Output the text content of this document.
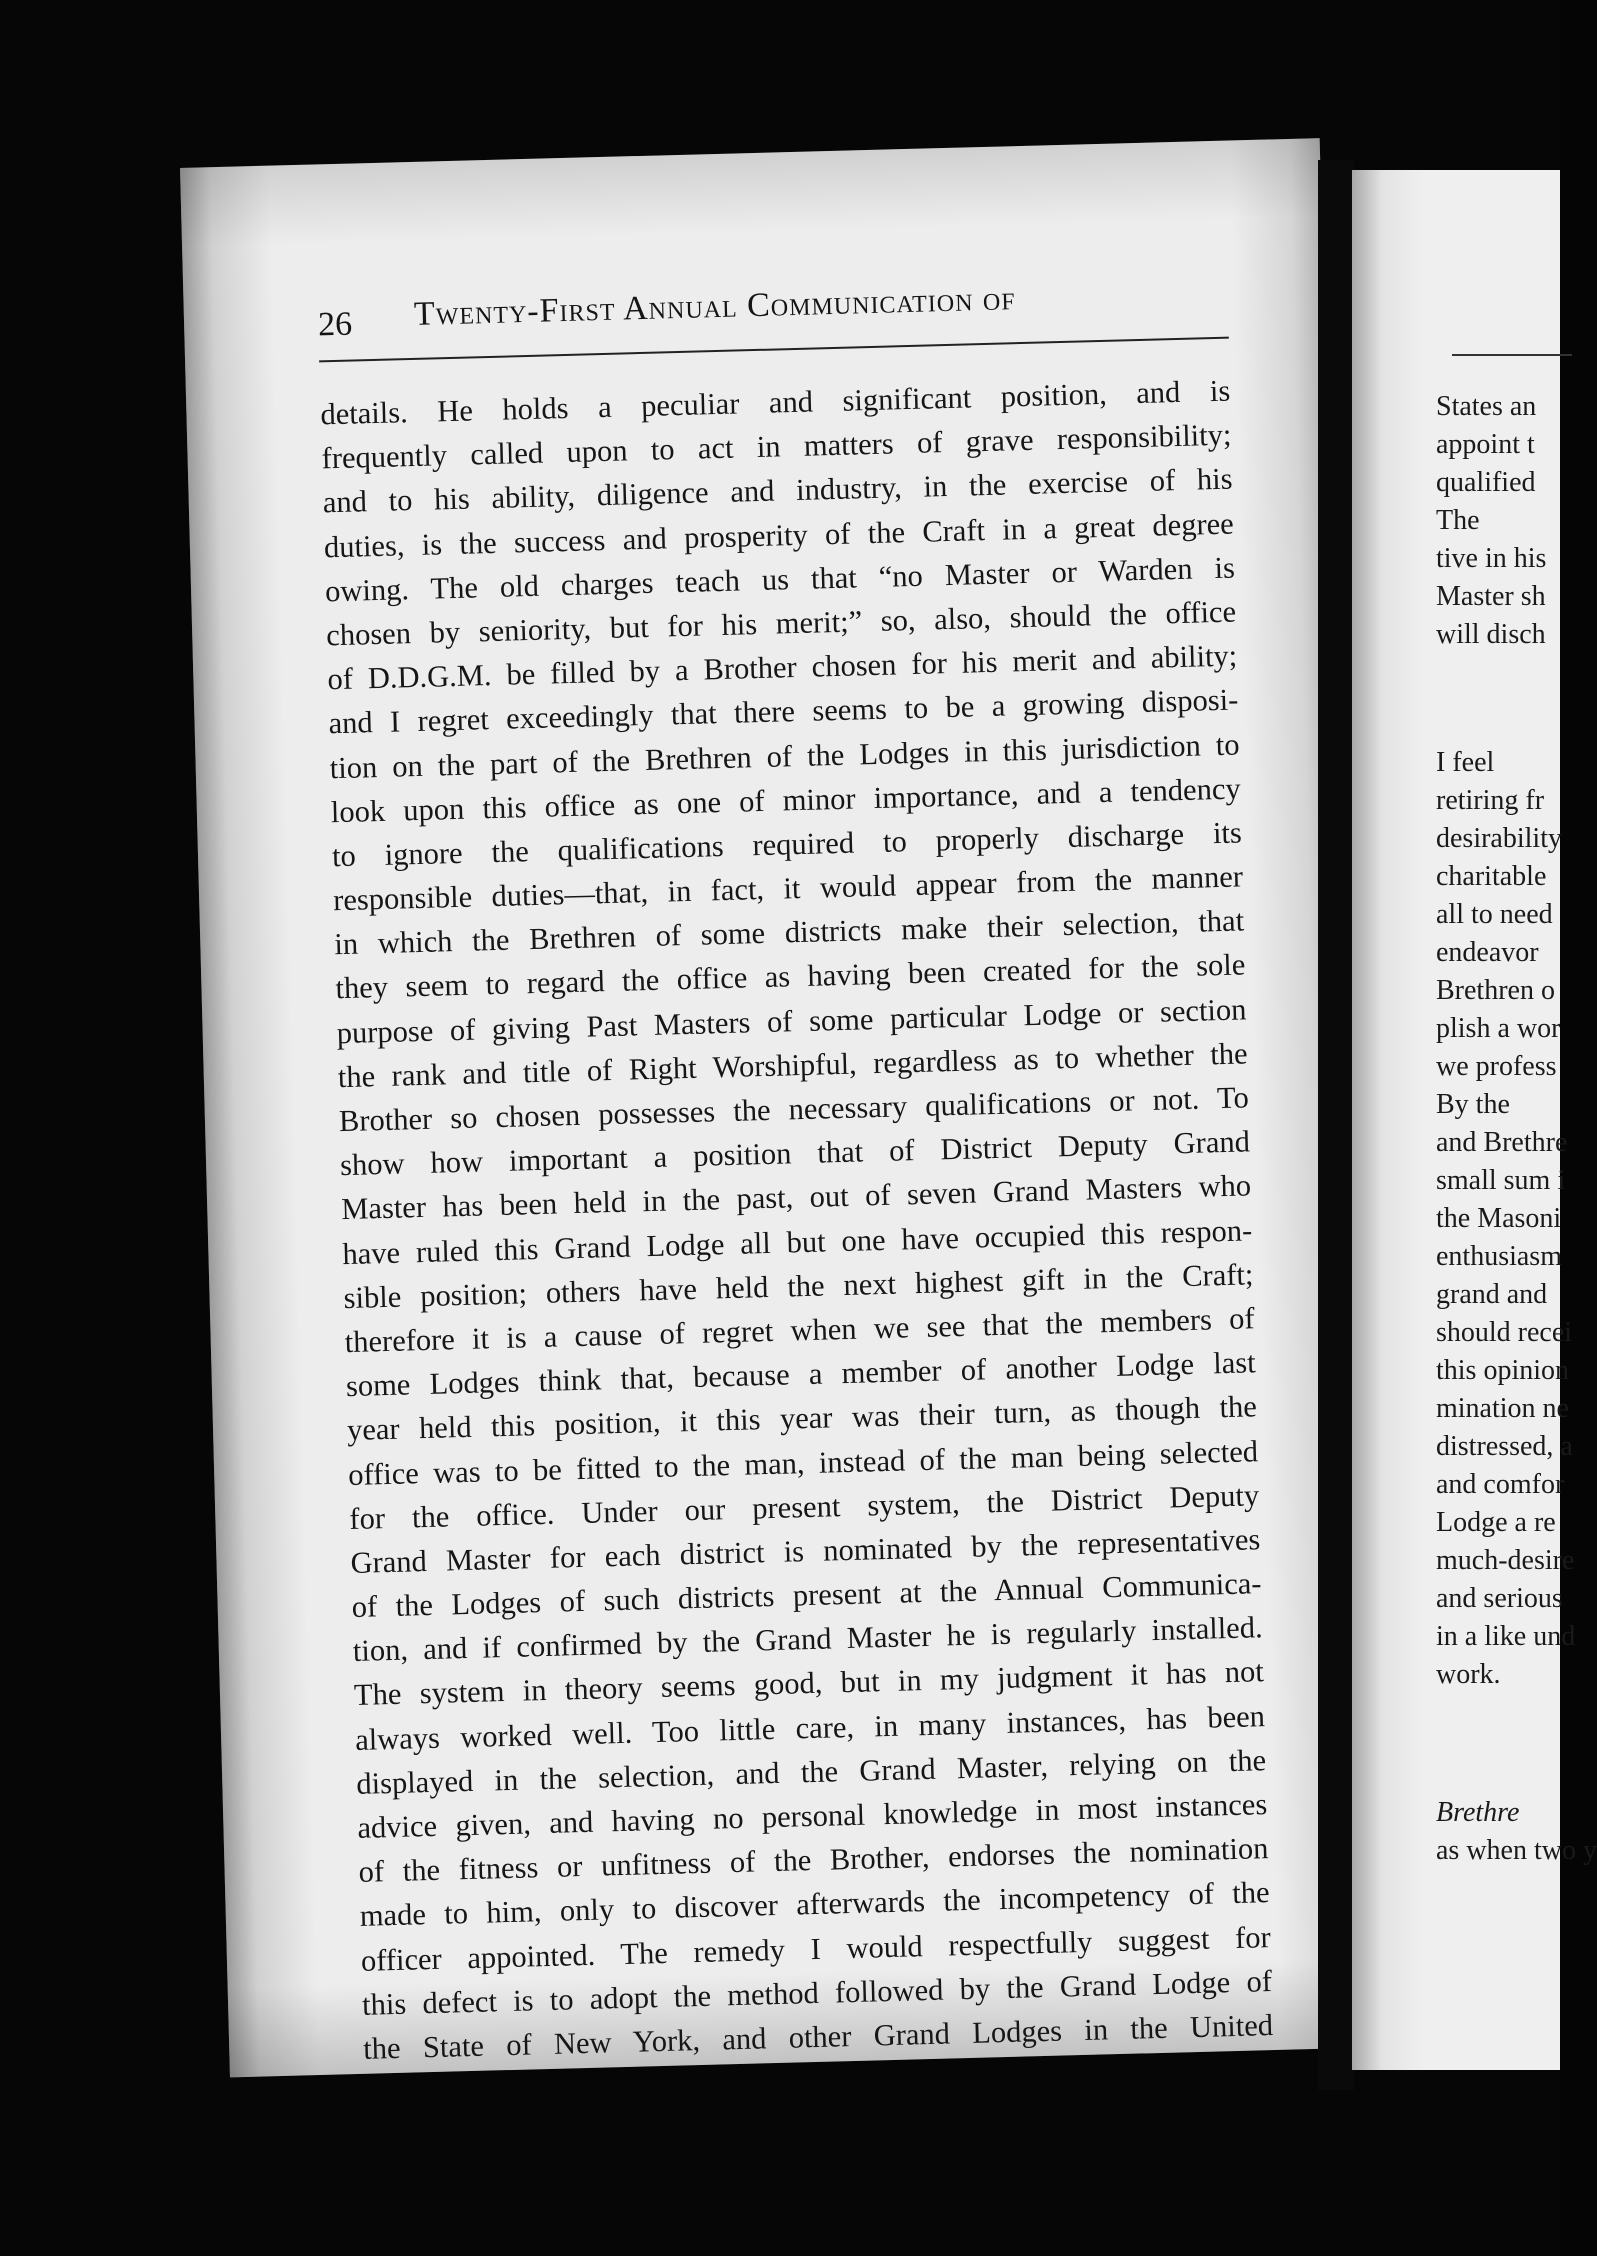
26 Twenty-First Annual Communication of
details. He holds a peculiar and significant position, and is
frequently called upon to act in matters of grave responsibility;
and to his ability, diligence and industry, in the exercise of his
duties, is the success and prosperity of the Craft in a great degree
owing. The old charges teach us that “no Master or Warden is
chosen by seniority, but for his merit;” so, also, should the office
of D.D.G.M. be filled by a Brother chosen for his merit and ability;
and I regret exceedingly that there seems to be a growing disposi-
tion on the part of the Brethren of the Lodges in this jurisdiction to
look upon this office as one of minor importance, and a tendency
to ignore the qualifications required to properly discharge its
responsible duties—that, in fact, it would appear from the manner
in which the Brethren of some districts make their selection, that
they seem to regard the office as having been created for the sole
purpose of giving Past Masters of some particular Lodge or section
the rank and title of Right Worshipful, regardless as to whether the
Brother so chosen possesses the necessary qualifications or not. To
show how important a position that of District Deputy Grand
Master has been held in the past, out of seven Grand Masters who
have ruled this Grand Lodge all but one have occupied this respon-
sible position; others have held the next highest gift in the Craft;
therefore it is a cause of regret when we see that the members of
some Lodges think that, because a member of another Lodge last
year held this position, it this year was their turn, as though the
office was to be fitted to the man, instead of the man being selected
for the office. Under our present system, the District Deputy
Grand Master for each district is nominated by the representatives
of the Lodges of such districts present at the Annual Communica-
tion, and if confirmed by the Grand Master he is regularly installed.
The system in theory seems good, but in my judgment it has not
always worked well. Too little care, in many instances, has been
displayed in the selection, and the Grand Master, relying on the
advice given, and having no personal knowledge in most instances
of the fitness or unfitness of the Brother, endorses the nomination
made to him, only to discover afterwards the incompetency of the
officer appointed. The remedy I would respectfully suggest for
this defect is to adopt the method followed by the Grand Lodge of
the State of New York, and other Grand Lodges in the United
States an
appoint t
qualified
The
tive in his
Master sh
will disch
I feel
retiring fr
desirability
charitable
all to need
endeavor
Brethren o
plish a wor
we profess
By the
and Brethre
small sum i
the Masoni
enthusiasm
grand and
should recei
this opinion
mination ne
distressed, a
and comfor
Lodge a re
much-desire
and serious
in a like und
work.
Brethre
as when two y
